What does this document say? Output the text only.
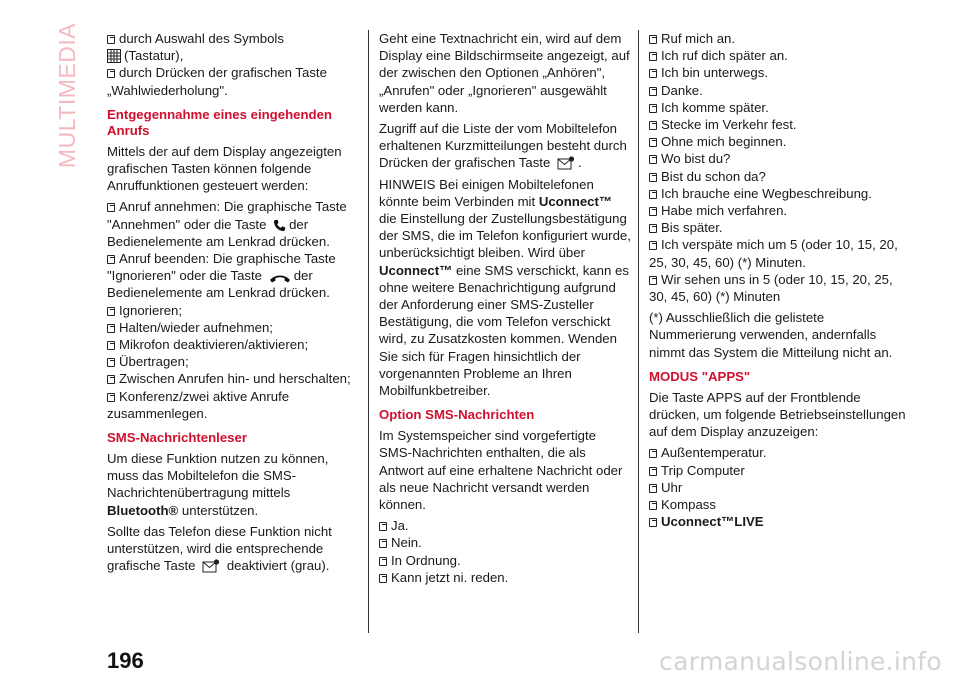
MULTIMEDIA	durch Auswahl des Symbols
(Tastatur),

durch Drücken der grafischen Taste „Wahlwiederholung".

Entgegennahme eines eingehenden Anrufs

Mittels der auf dem Display angezeigten grafischen Tasten können folgende Anruffunktionen gesteuert werden:

Anruf annehmen: Die graphische Taste "Annehmen" oder die Taste der Bedienelemente am Lenkrad drücken.

Anruf beenden: Die graphische Taste "Ignorieren" oder die Taste der Bedienelemente am Lenkrad drücken.

Ignorieren;

Halten/wieder aufnehmen;

Mikrofon deaktivieren/aktivieren;

Übertragen;

Zwischen Anrufen hin- und herschalten;

Konferenz/zwei aktive Anrufe zusammenlegen.

SMS-Nachrichtenleser

Um diese Funktion nutzen zu können, muss das Mobiltelefon die SMS-Nachrichtenübertragung mittels
Bluetooth® unterstützen.

Sollte das Telefon diese Funktion nicht unterstützen, wird die entsprechende grafische Taste deaktiviert (grau).

Geht eine Textnachricht ein, wird auf dem Display eine Bildschirmseite angezeigt, auf der zwischen den Optionen „Anhören", „Anrufen" oder „Ignorieren" ausgewählt werden kann.

Zugriff auf die Liste der vom Mobiltelefon erhaltenen Kurzmitteilungen besteht durch Drücken der grafischen Taste .

HINWEIS Bei einigen Mobiltelefonen könnte beim Verbinden mit Uconnect™ die Einstellung der Zustellungsbestätigung der SMS, die im Telefon konfiguriert wurde, unberücksichtigt bleiben. Wird über Uconnect™ eine SMS verschickt, kann es ohne weitere Benachrichtigung aufgrund der Anforderung einer SMS-Zusteller Bestätigung, die vom Telefon verschickt wird, zu Zusatzkosten kommen. Wenden Sie sich für Fragen hinsichtlich der vorgenannten Probleme an Ihren Mobilfunkbetreiber.

Option SMS-Nachrichten

Im Systemspeicher sind vorgefertigte SMS-Nachrichten enthalten, die als Antwort auf eine erhaltene Nachricht oder als neue Nachricht versandt werden können.

Ja.

Nein.

In Ordnung.

Kann jetzt ni. reden.

Ruf mich an.

Ich ruf dich später an.

Ich bin unterwegs.

Danke.

Ich komme später.

Stecke im Verkehr fest.

Ohne mich beginnen.

Wo bist du?

Bist du schon da?

Ich brauche eine Wegbeschreibung.

Habe mich verfahren.

Bis später.

Ich verspäte mich um 5 (oder 10, 15, 20, 25, 30, 45, 60) (*) Minuten.

Wir sehen uns in 5 (oder 10, 15, 20, 25, 30, 45, 60) (*) Minuten

(*) Ausschließlich die gelistete Nummerierung verwenden, andernfalls nimmt das System die Mitteilung nicht an.

MODUS "APPS"

Die Taste APPS auf der Frontblende drücken, um folgende Betriebseinstellungen auf dem Display anzuzeigen:

Außentemperatur.

Trip Computer

Uhr

Kompass

Uconnect™LIVE

196	carmanualsonline.info
